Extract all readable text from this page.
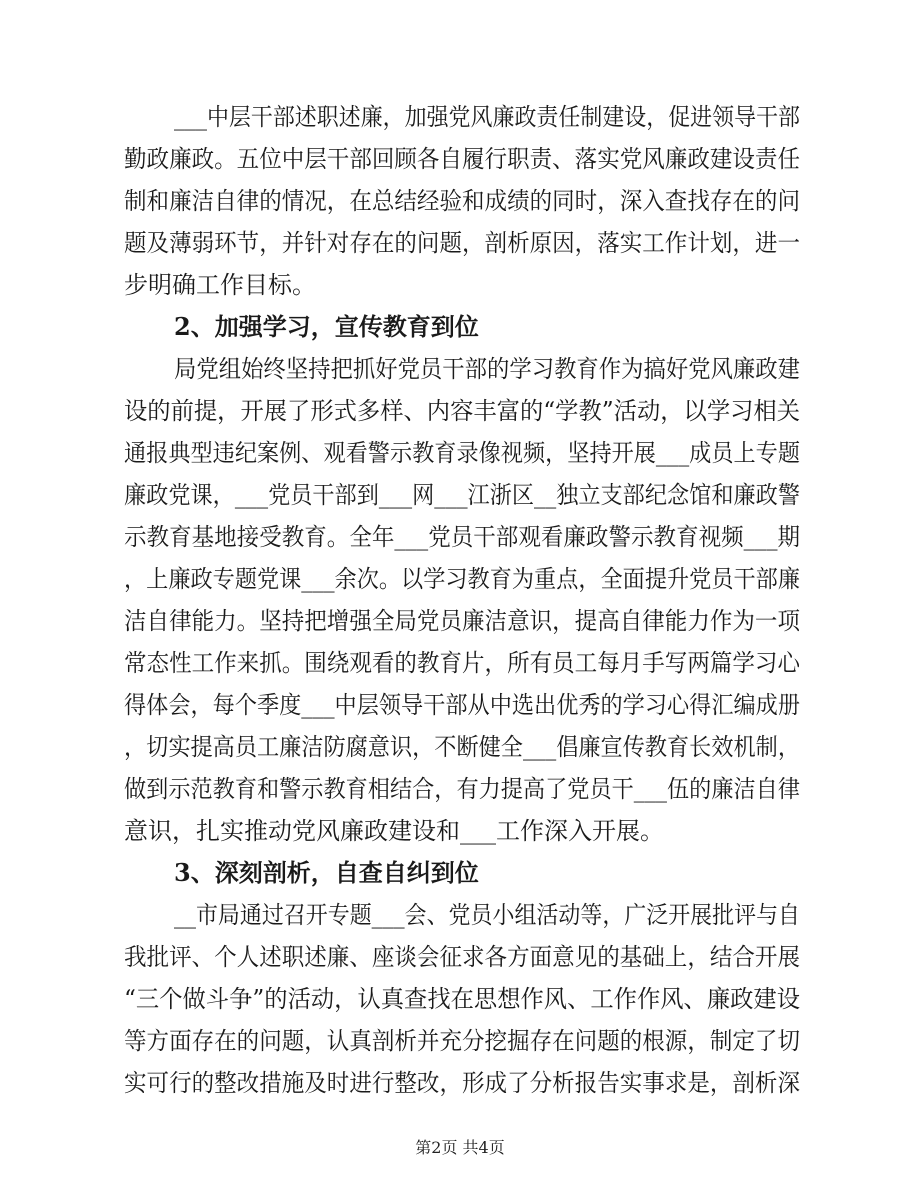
___中层干部述职述廉，加强党风廉政责任制建设，促进领导干部
勤政廉政。五位中层干部回顾各自履行职责、落实党风廉政建设责任
制和廉洁自律的情况，在总结经验和成绩的同时，深入查找存在的问
题及薄弱环节，并针对存在的问题，剖析原因，落实工作计划，进一
步明确工作目标。
2、加强学习，宣传教育到位
局党组始终坚持把抓好党员干部的学习教育作为搞好党风廉政建
设的前提，开展了形式多样、内容丰富的“学教”活动，以学习相关
通报典型违纪案例、观看警示教育录像视频，坚持开展___成员上专题
廉政党课，___党员干部到___网___江浙区__独立支部纪念馆和廉政警
示教育基地接受教育。全年___党员干部观看廉政警示教育视频___期
，上廉政专题党课___余次。以学习教育为重点，全面提升党员干部廉
洁自律能力。坚持把增强全局党员廉洁意识，提高自律能力作为一项
常态性工作来抓。围绕观看的教育片，所有员工每月手写两篇学习心
得体会，每个季度___中层领导干部从中选出优秀的学习心得汇编成册
，切实提高员工廉洁防腐意识，不断健全___倡廉宣传教育长效机制，
做到示范教育和警示教育相结合，有力提高了党员干___伍的廉洁自律
意识，扎实推动党风廉政建设和___工作深入开展。
3、深刻剖析，自查自纠到位
__市局通过召开专题___会、党员小组活动等，广泛开展批评与自
我批评、个人述职述廉、座谈会征求各方面意见的基础上，结合开展
“三个做斗争”的活动，认真查找在思想作风、工作作风、廉政建设
等方面存在的问题，认真剖析并充分挖掘存在问题的根源，制定了切
实可行的整改措施及时进行整改，形成了分析报告实事求是，剖析深
第2页 共4页
